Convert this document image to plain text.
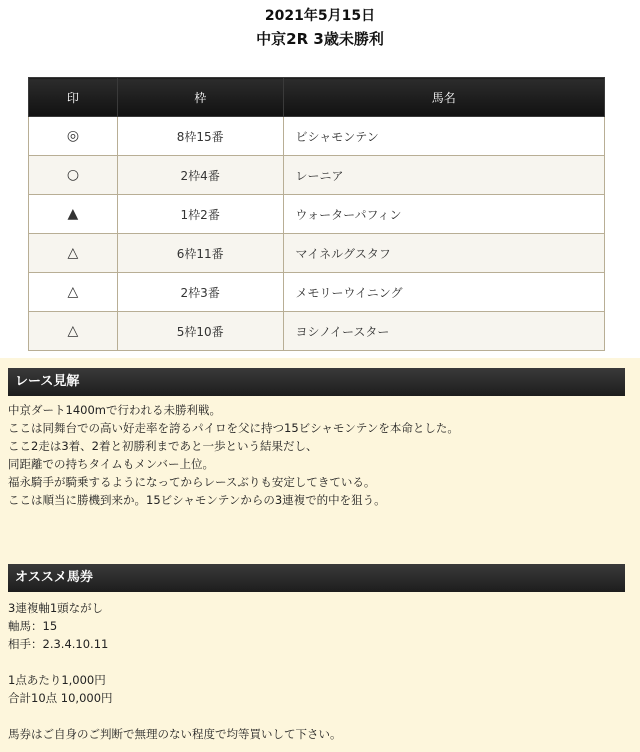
2021年5月15日
中京2R 3歳未勝利
印	枠	馬名
◎	8枠15番	ビシャモンテン
○	2枠4番	レーニア
▲	1枠2番	ウォーターパフィン
△	6枠11番	マイネルグスタフ
△	2枠3番	メモリーウイニング
△	5枠10番	ヨシノイースター
レース見解
中京ダート1400mで行われる未勝利戦。
ここは同舞台での高い好走率を誇るパイロを父に持つ15ビシャモンテンを本命とした。
ここ2走は3着、2着と初勝利まであと一歩という結果だし、
同距離での持ちタイムもメンバー上位。
福永騎手が騎乗するようになってからレースぶりも安定してきている。
ここは順当に勝機到来か。15ビシャモンテンからの3連複で的中を狙う。
オススメ馬券
3連複軸1頭ながし
軸馬：15
相手：2.3.4.10.11
1点あたり1,000円
合計10点 10,000円
馬券はご自身のご判断で無理のない程度で均等買いして下さい。
